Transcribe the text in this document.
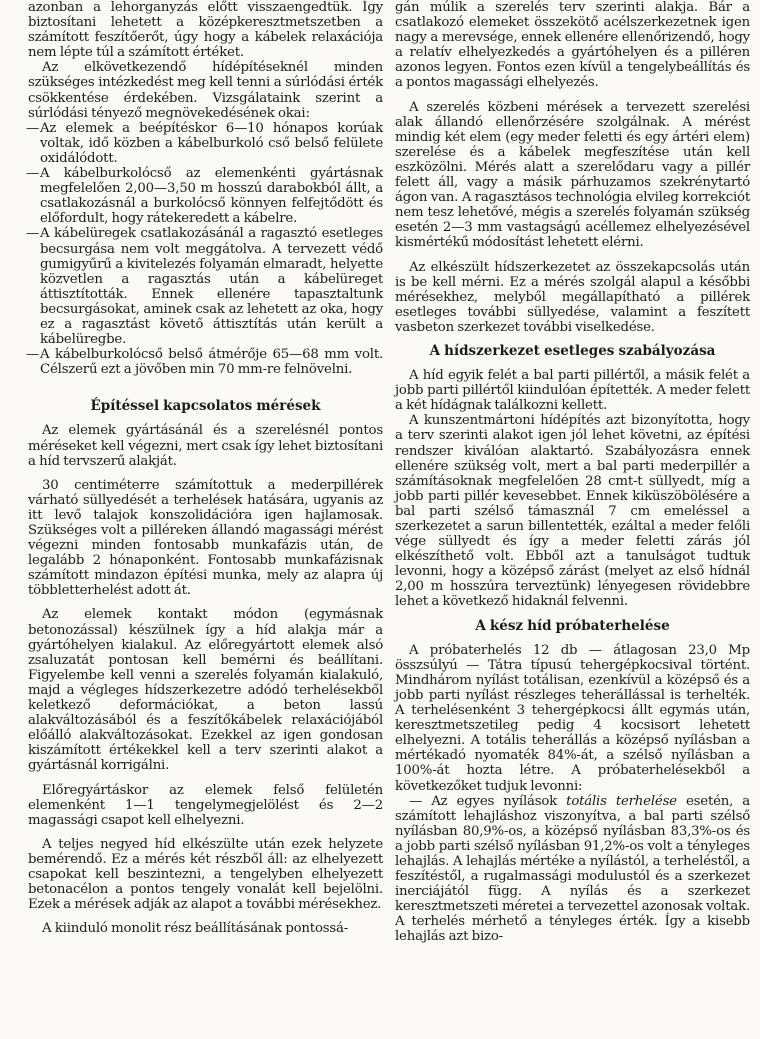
azonban a lehorganyzás előtt visszaengedtük. Így biztosítani lehetett a középkeresztmetszetben a számított feszítőerőt, úgy hogy a kábelek relaxációja nem lépte túl a számított értéket.

Az elkövetkezendő hídépítéseknél minden szükséges intézkedést meg kell tenni a súrlódási érték csökkentése érdekében. Vizsgálataink szerint a súrlódási tényező megnövekedésének okai:

— Az elemek a beépítéskor 6—10 hónapos korúak voltak, idő közben a kábelburkoló cső belső felülete oxidálódott.

— A kábelburkolócső az elemenkénti gyártásnak megfelelően 2,00—3,50 m hosszú darabokból állt, a csatlakozásnál a burkolócső könnyen felfejtődött és előfordult, hogy rátekeredett a kábelre.

— A kábelüregek csatlakozásánál a ragasztó esetleges becsurgása nem volt meggátolva. A tervezett védő gumigyűrű a kivitelezés folyamán elmaradt, helyette közvetlen a ragasztás után a kábelüreget áttisztították. Ennek ellenére tapasztaltunk becsurgásokat, aminek csak az lehetett az oka, hogy ez a ragasztást követő áttisztítás után került a kábelüregbe.

— A kábelburkolócső belső átmérője 65—68 mm volt. Célszerű ezt a jövőben min 70 mm-re felnövelni.

Építéssel kapcsolatos mérések

Az elemek gyártásánál és a szerelésnél pontos méréseket kell végezni, mert csak így lehet biztosítani a híd tervszerű alakját.

30 centiméterre számítottuk a mederpillérek várható süllyedését a terhelések hatására, ugyanis az itt levő talajok konszolidációra igen hajlamosak. Szükséges volt a pilléreken állandó magassági mérést végezni minden fontosabb munkafázis után, de legalább 2 hónaponként. Fontosabb munkafázisnak számított mindazon építési munka, mely az alapra új többletterhelést adott át.

Az elemek kontakt módon (egymásnak betonozással) készülnek így a híd alakja már a gyártóhelyen kialakul. Az előregyártott elemek alsó zsaluzatát pontosan kell bemérni és beállítani. Figyelembe kell venni a szerelés folyamán kialakuló, majd a végleges hídszerkezetre adódó terhelésekből keletkező deformációkat, a beton lassú alakváltozásából és a feszítőkábelek relaxációjából előálló alakváltozásokat. Ezekkel az igen gondosan kiszámított értékekkel kell a terv szerinti alakot a gyártásnál korrigálni.

Előregyártáskor az elemek felső felületén elemenként 1—1 tengelymegjelölést és 2—2 magassági csapot kell elhelyezni.

A teljes negyed híd elkészülte után ezek helyzete bemérendő. Ez a mérés két részből áll: az elhelyezett csapokat kell beszintezni, a tengelyben elhelyezett betonacélon a pontos tengely vonalát kell bejelölni. Ezek a mérések adják az alapot a további mérésekhez.

A kiinduló monolit rész beállításának pontossá-

gán múlik a szerelés terv szerinti alakja. Bár a csatlakozó elemeket összekötő acélszerkezetnek igen nagy a merevsége, ennek ellenére ellenőrizendő, hogy a relatív elhelyezkedés a gyártóhelyen és a pilléren azonos legyen. Fontos ezen kívül a tengelybeállítás és a pontos magassági elhelyezés.

A szerelés közbeni mérések a tervezett szerelési alak állandó ellenőrzésére szolgálnak. A mérést mindig két elem (egy meder feletti és egy ártéri elem) szerelése és a kábelek megfeszítése után kell eszközölni. Mérés alatt a szerelődaru vagy a pillér felett áll, vagy a másik párhuzamos szekrénytartó ágon van. A ragasztásos technológia elvileg korrekciót nem tesz lehetővé, mégis a szerelés folyamán szükség esetén 2—3 mm vastagságú acéllemez elhelyezésével kismértékű módosítást lehetett elérni.

Az elkészült hídszerkezetet az összekapcsolás után is be kell mérni. Ez a mérés szolgál alapul a későbbi mérésekhez, melyből megállapítható a pillérek esetleges további süllyedése, valamint a feszített vasbeton szerkezet további viselkedése.

A hídszerkezet esetleges szabályozása

A híd egyik felét a bal parti pillértől, a másik felét a jobb parti pillértől kiindulóan építették. A meder felett a két hídágnak találkozni kellett.

A kunszentmártoni hídépítés azt bizonyította, hogy a terv szerinti alakot igen jól lehet követni, az építési rendszer kiválóan alaktartó. Szabályozásra ennek ellenére szükség volt, mert a bal parti mederpillér a számításoknak megfelelően 28 cmt-t süllyedt, míg a jobb parti pillér kevesebbet. Ennek kiküszöbölésére a bal parti szélső támasznál 7 cm emeléssel a szerkezetet a sarun billentették, ezáltal a meder felőli vége süllyedt és így a meder feletti zárás jól elkészíthető volt. Ebből azt a tanulságot tudtuk levonni, hogy a középső zárást (melyet az első hídnál 2,00 m hosszúra terveztünk) lényegesen rövidebbre lehet a következő hidaknál felvenni.

A kész híd próbaterhelése

A próbaterhelés 12 db — átlagosan 23,0 Mp összsúlyú — Tátra típusú tehergépkocsival történt. Mindhárom nyílást totálisan, ezenkívül a középső és a jobb parti nyílást részleges teherállással is terhelték. A terhelésenként 3 tehergépkocsi állt egymás után, keresztmetszetileg pedig 4 kocsisort lehetett elhelyezni. A totális teherállás a középső nyílásban a mértékadó nyomaték 84%-át, a szélső nyílásban a 100%-át hozta létre. A próbaterhelésekből a következőket tudjuk levonni:

— Az egyes nyílások totális terhelése esetén, a számított lehajláshoz viszonyítva, a bal parti szélső nyílásban 80,9%-os, a középső nyílásban 83,3%-os és a jobb parti szélső nyílásban 91,2%-os volt a tényleges lehajlás. A lehajlás mértéke a nyílástól, a terheléstől, a feszítéstől, a rugalmassági modulustól és a szerkezet inerciájától függ. A nyílás és a szerkezet keresztmetszeti méretei a tervezettel azonosak voltak. A terhelés mérhető a tényleges érték. Így a kisebb lehajlás azt bizo-
